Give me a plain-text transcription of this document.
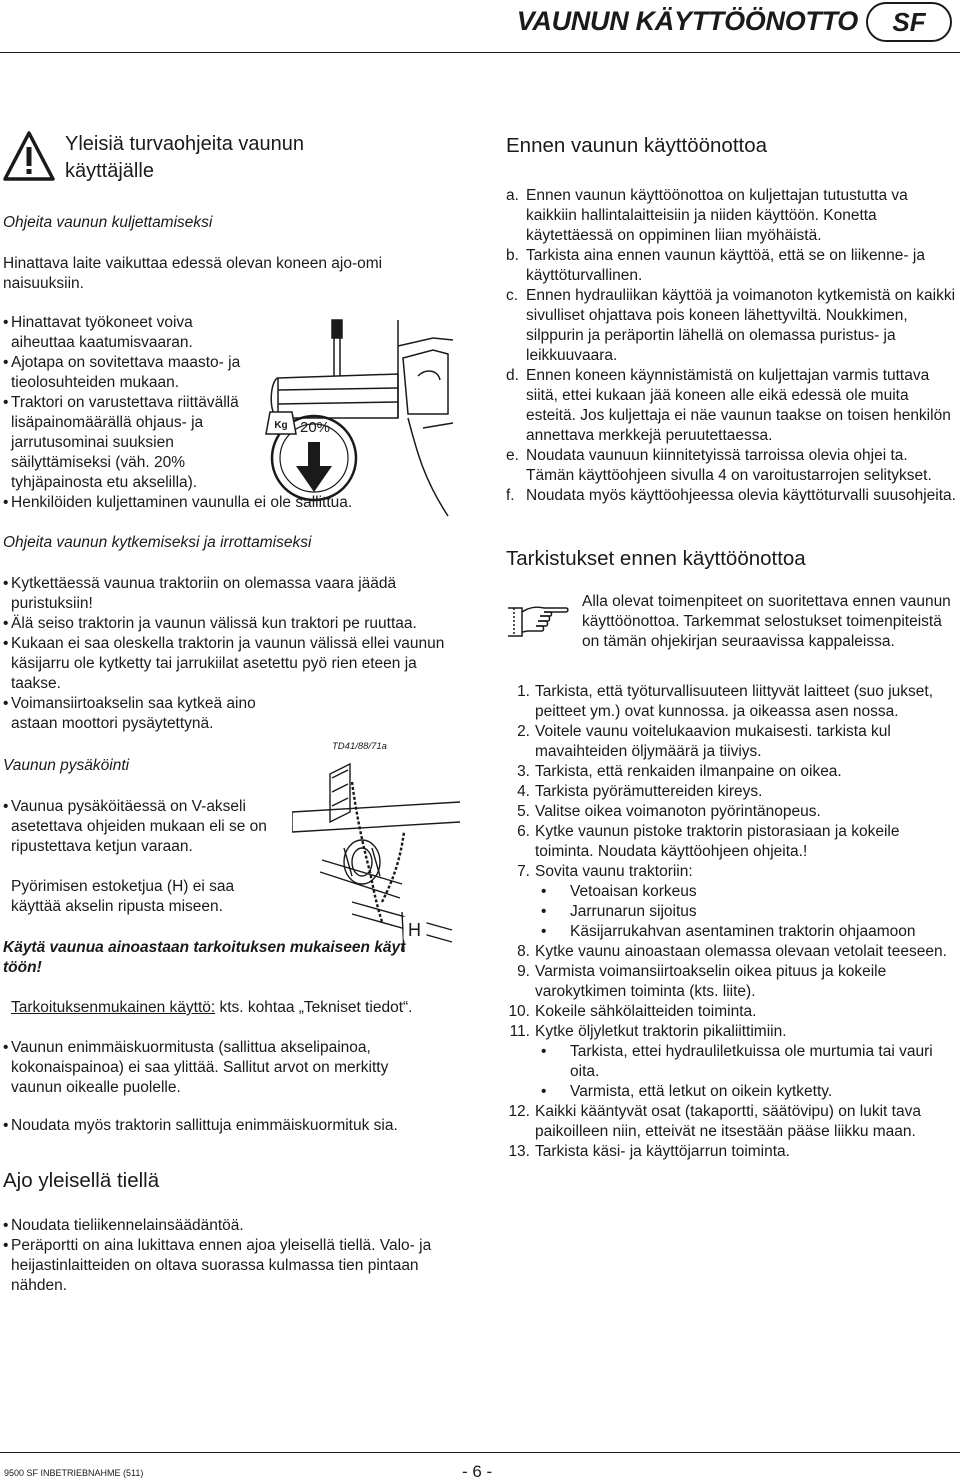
VAUNUN KÄYTTÖÖNOTTO	SF
Yleisiä turvaohjeita vaunun käyttäjälle
Ohjeita vaunun kuljettamiseksi

Hinattava laite vaikuttaa edessä olevan koneen ajo-omi naisuuksiin.

• Hinattavat työkoneet voiva aiheuttaa kaatumisvaaran.
• Ajotapa on sovitettava maasto- ja tieolosuhteiden mukaan.
• Traktori on varustettava riittävällä lisäpainomäärällä ohjaus- ja jarrutusominai suuksien säilyttämiseksi (väh. 20% tyhjäpainosta etu akselilla).
• Henkilöiden kuljettaminen vaunulla ei ole sallittua.
Ohjeita vaunun kytkemiseksi ja irrottamiseksi
• Kytkettäessä vaunua traktoriin on olemassa vaara jäädä puristuksiin!
• Älä seiso traktorin ja vaunun välissä kun traktori pe ruuttaa.
• Kukaan ei saa oleskella traktorin ja vaunun välissä ellei vaunun käsijarru ole kytketty tai jarrukiilat asetettu pyö rien eteen ja taakse.
• Voimansiirtoakselin saa kytkeä aino astaan moottori pysäytettynä.
Vaunun pysäköinti
• Vaunua pysäköitäessä on V-akseli asetettava ohjeiden mukaan eli se on ripustettava ketjun varaan.

Pyörimisen estoketjua (H) ei saa käyttää akselin ripusta miseen.

Käytä vaunua ainoastaan tarkoituksen mukaiseen käyt töön!

Tarkoituksenmukainen käyttö: kts. kohtaa „Tekniset tiedot“.

• Vaunun enimmäiskuormitusta (sallittua akselipainoa, kokonaispainoa) ei saa ylittää. Sallitut arvot on merkitty vaunun oikealle puolelle.
• Noudata myös traktorin sallittuja enimmäiskuormituk sia.
Ajo yleisellä tiellä
• Noudata tieliikennelainsäädäntöä.
• Peräportti on aina lukittava ennen ajoa yleisellä tiellä. Valo- ja heijastinlaitteiden on oltava suorassa kulmassa tien pintaan nähden.
Kg 20%
TD41/88/71a
H
Ennen vaunun käyttöönottoa
a. Ennen vaunun käyttöönottoa on kuljettajan tutustutta va kaikkiin hallintalaitteisiin ja niiden käyttöön. Konetta käytettäessä on oppiminen liian myöhäistä.
b. Tarkista aina ennen vaunun käyttöä, että se on liikenne- ja käyttöturvallinen.
c. Ennen hydrauliikan käyttöä ja voimanoton kytkemistä on kaikki sivulliset ohjattava pois koneen lähettyviltä. Noukkimen, silppurin ja peräportin lähellä on olemassa puristus- ja leikkuuvaara.
d. Ennen koneen käynnistämistä on kuljettajan varmis tuttava siitä, ettei kukaan jää koneen alle eikä edessä ole muita esteitä. Jos kuljettaja ei näe vaunun taakse on toisen henkilön annettava merkkejä peruutettaessa.
e. Noudata vaunuun kiinnitetyissä tarroissa olevia ohjei ta. Tämän käyttöohjeen sivulla 4 on varoitustarrojen selitykset.
f. Noudata myös käyttöohjeessa olevia käyttöturvalli suusohjeita.
Tarkistukset ennen käyttöönottoa

Alla olevat toimenpiteet on suoritettava ennen vaunun käyttöönottoa. Tarkemmat selostukset toimenpiteistä on tämän ohjekirjan seuraavissa kappaleissa.

1. Tarkista, että työturvallisuuteen liittyvät laitteet (suo jukset, peitteet ym.) ovat kunnossa. ja oikeassa asen nossa.
2. Voitele vaunu voitelukaavion mukaisesti. tarkista kul mavaihteiden öljymäärä ja tiiviys.
3. Tarkista, että renkaiden ilmanpaine on oikea.
4. Tarkista pyörämuttereiden kireys.
5. Valitse oikea voimanoton pyörintänopeus.
6. Kytke vaunun pistoke traktorin pistorasiaan ja kokeile toiminta. Noudata käyttöohjeen ohjeita.!
7. Sovita vaunu traktoriin:
• Vetoaisan korkeus
• Jarrunarun sijoitus
• Käsijarrukahvan asentaminen traktorin ohjaamoon
8. Kytke vaunu ainoastaan olemassa olevaan vetolait teeseen.
9. Varmista voimansiirtoakselin oikea pituus ja kokeile varokytkimen toiminta (kts. liite).
10. Kokeile sähkölaitteiden toiminta.
11. Kytke öljyletkut traktorin pikaliittimiin.
• Tarkista, ettei hydrauliletkuissa ole murtumia tai vauri oita.
• Varmista, että letkut on oikein kytketty.
12. Kaikki kääntyvät osat (takaportti, säätövipu) on lukit tava paikoilleen niin, etteivät ne itsestään pääse liikku maan.
13. Tarkista käsi- ja käyttöjarrun toiminta.
9500 SF INBETRIEBNAHME (511)	- 6 -
